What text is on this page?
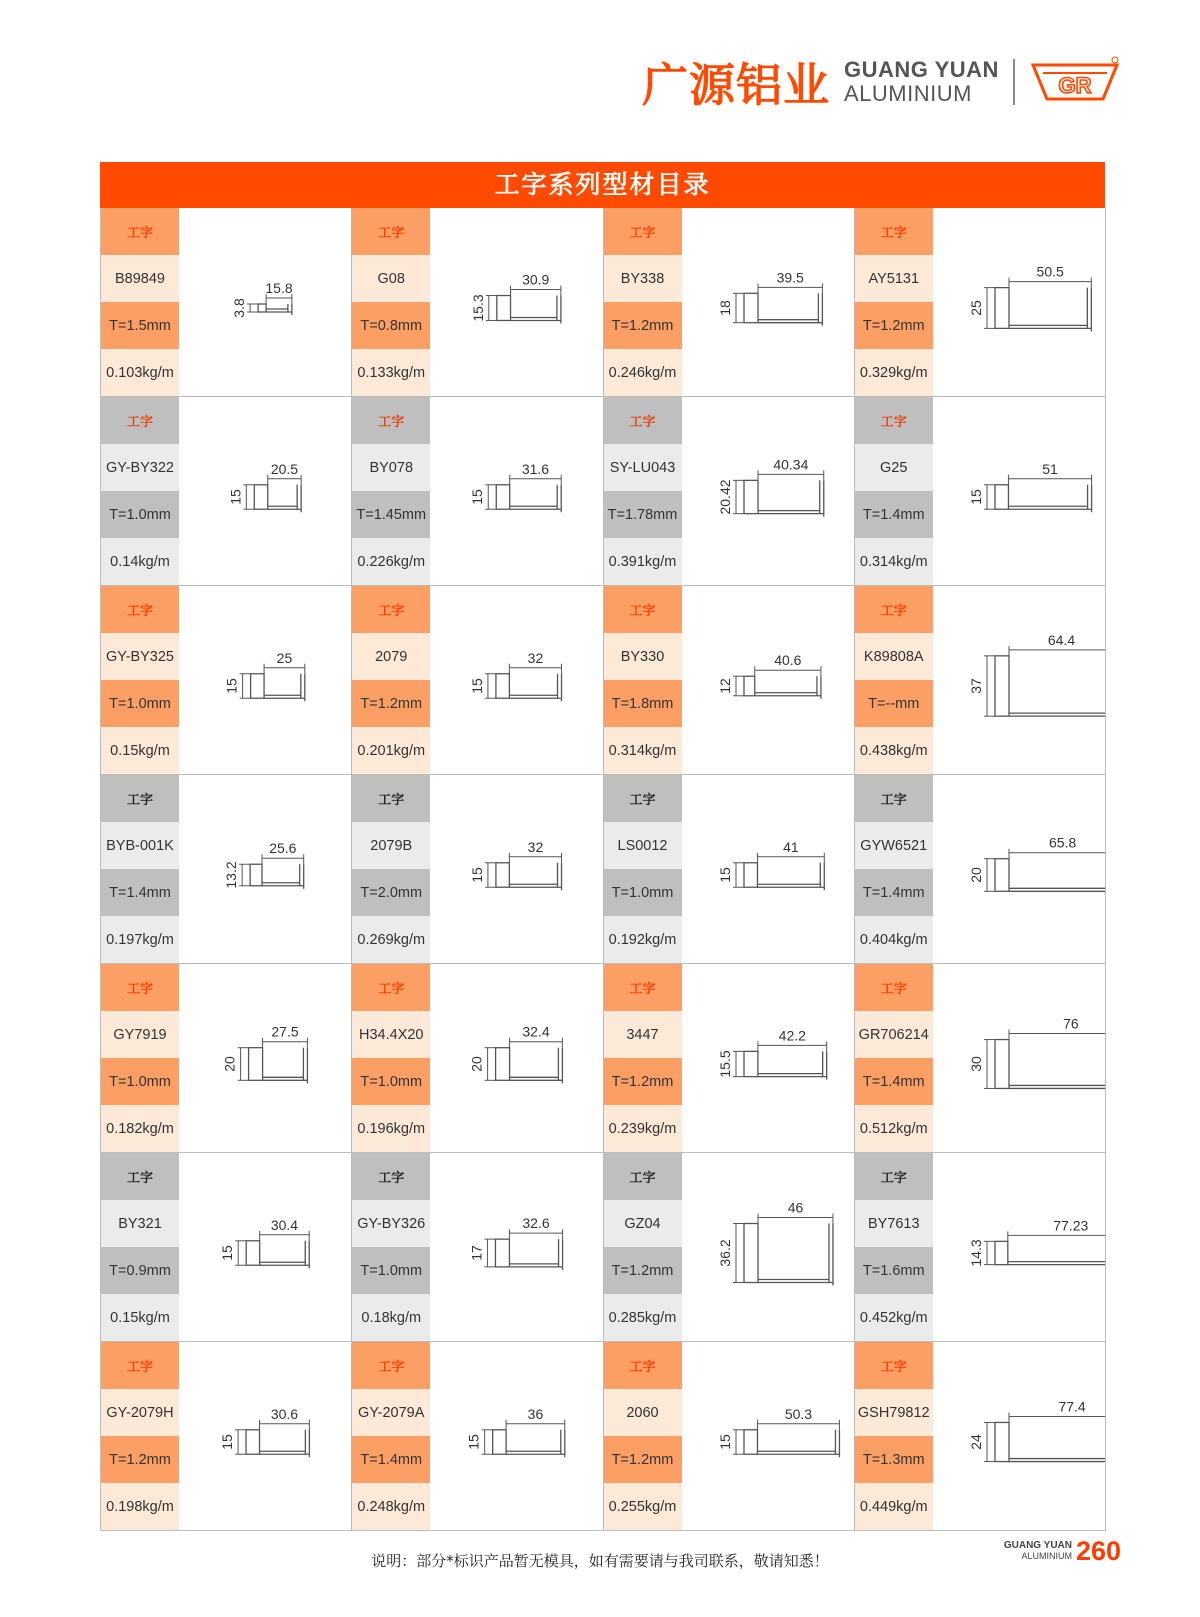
广源铝业 GUANG YUAN
ALUMINIUM	GR
工字系列型材目录
工字
B89849
T=1.5mm
0.103kg/m
15.8
3.8
工字
G08
T=0.8mm
0.133kg/m
30.9
15.3
工字
BY338
T=1.2mm
0.246kg/m
39.5
18
工字
AY5131
T=1.2mm
0.329kg/m
50.5
25
工字
GY-BY322
T=1.0mm
0.14kg/m
20.5
15
工字
BY078
T=1.45mm
0.226kg/m
31.6
15
工字
SY-LU043
T=1.78mm
0.391kg/m
40.34
20.42
工字
G25
T=1.4mm
0.314kg/m
51
15
工字
GY-BY325
T=1.0mm
0.15kg/m
25
15
工字
2079
T=1.2mm
0.201kg/m
32
15
工字
BY330
T=1.8mm
0.314kg/m
40.6
12
工字
K89808A
T=--mm
0.438kg/m
64.4
37
工字
BYB-001K
T=1.4mm
0.197kg/m
25.6
13.2
工字
2079B
T=2.0mm
0.269kg/m
32
15
工字
LS0012
T=1.0mm
0.192kg/m
41
15
工字
GYW6521
T=1.4mm
0.404kg/m
65.8
20
工字
GY7919
T=1.0mm
0.182kg/m
27.5
20
工字
H34.4X20
T=1.0mm
0.196kg/m
32.4
20
工字
3447
T=1.2mm
0.239kg/m
42.2
15.5
工字
GR706214
T=1.4mm
0.512kg/m
76
30
工字
BY321
T=0.9mm
0.15kg/m
30.4
15
工字
GY-BY326
T=1.0mm
0.18kg/m
32.6
17
工字
GZ04
T=1.2mm
0.285kg/m
46
36.2
工字
BY7613
T=1.6mm
0.452kg/m
77.23
14.3
工字
GY-2079H
T=1.2mm
0.198kg/m
30.6
15
工字
GY-2079A
T=1.4mm
0.248kg/m
36
15
工字
2060
T=1.2mm
0.255kg/m
50.3
15
工字
GSH79812
T=1.3mm
0.449kg/m
77.4
24
说明：部分*标识产品暂无模具，如有需要请与我司联系，敬请知悉！
GUANG YUAN
ALUMINIUM 260
